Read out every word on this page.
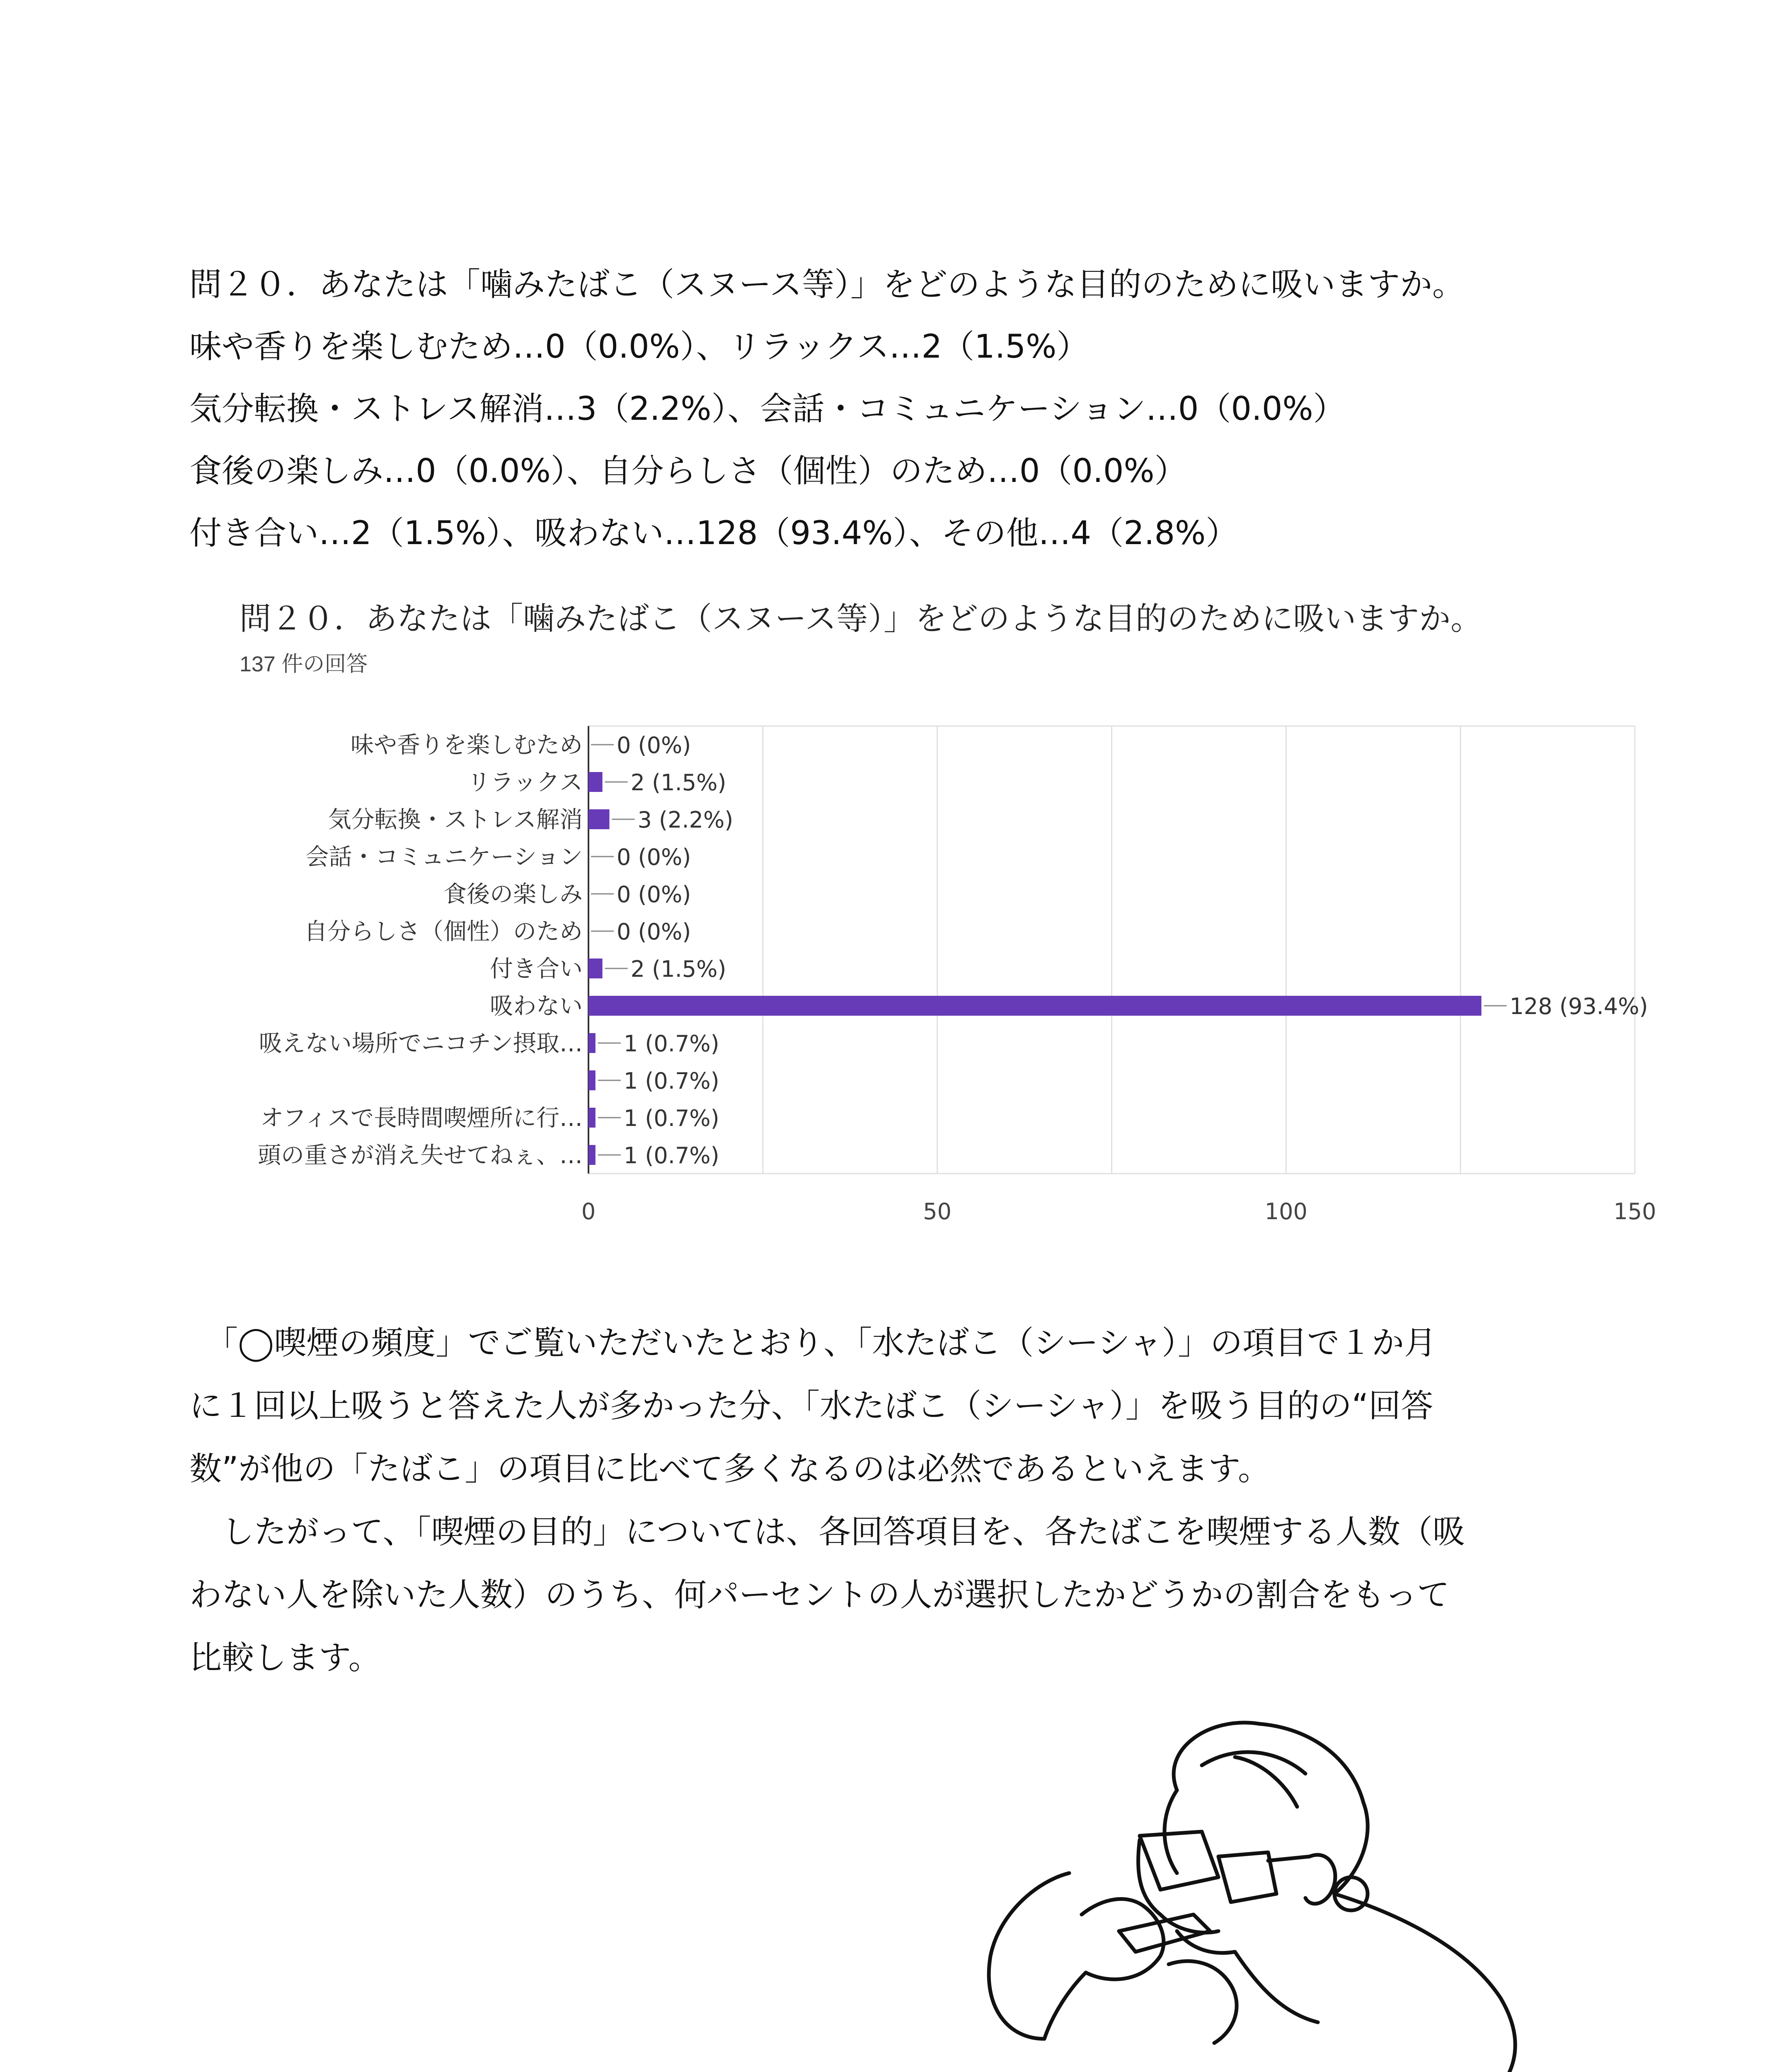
問２０．あなたは「噛みたばこ（スヌース等）」をどのような目的のために吸いますか。

味や香りを楽しむため…0（0.0%）、リラックス…2（1.5%）

気分転換・ストレス解消…3（2.2%）、会話・コミュニケーション…0（0.0%）

食後の楽しみ…0（0.0%）、自分らしさ（個性）のため…0（0.0%）

付き合い…2（1.5%）、吸わない…128（93.4%）、その他…4（2.8%）

問２０．あなたは「噛みたばこ（スヌース等）」をどのような目的のために吸いますか。
137 件の回答
味や香りを楽しむため 0 (0%)
リラックス 2 (1.5%)
気分転換・ストレス解消 3 (2.2%)
会話・コミュニケーション 0 (0%)
食後の楽しみ 0 (0%)
自分らしさ（個性）のため 0 (0%)
付き合い 2 (1.5%)
吸わない	128 (93.4%)
吸えない場所でニコチン摂取… 1 (0.7%)
1 (0.7%)
オフィスで長時間喫煙所に行… 1 (0.7%)
頭の重さが消え失せてねぇ、… 1 (0.7%)
0	50	100	150

　「◯喫煙の頻度」でご覧いただいたとおり、「水たばこ（シーシャ）」の項目で１か月

に１回以上吸うと答えた人が多かった分、「水たばこ（シーシャ）」を吸う目的の“回答

数”が他の「たばこ」の項目に比べて多くなるのは必然であるといえます。

　したがって、「喫煙の目的」については、各回答項目を、各たばこを喫煙する人数（吸

わない人を除いた人数）のうち、何パーセントの人が選択したかどうかの割合をもって

比較します。
